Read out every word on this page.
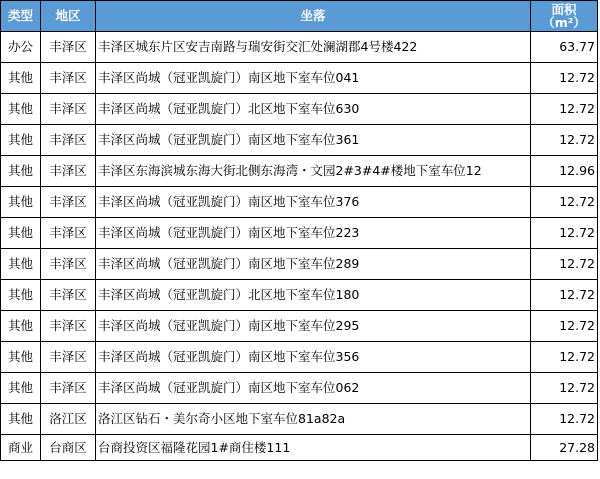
类型	地区	坐落	面积
（m²）

办公	丰泽区	丰泽区城东片区安吉南路与瑞安街交汇处澜湖郡4号楼422	63.77
其他	丰泽区	丰泽区尚城（冠亚凯旋门）南区地下室车位041	12.72
其他	丰泽区	丰泽区尚城（冠亚凯旋门）北区地下室车位630	12.72
其他	丰泽区	丰泽区尚城（冠亚凯旋门）南区地下室车位361	12.72
其他	丰泽区	丰泽区东海滨城东海大街北侧东海湾・文园2#3#4#楼地下室车位12	12.96
其他	丰泽区	丰泽区尚城（冠亚凯旋门）南区地下室车位376	12.72
其他	丰泽区	丰泽区尚城（冠亚凯旋门）南区地下室车位223	12.72
其他	丰泽区	丰泽区尚城（冠亚凯旋门）南区地下室车位289	12.72
其他	丰泽区	丰泽区尚城（冠亚凯旋门）北区地下室车位180	12.72
其他	丰泽区	丰泽区尚城（冠亚凯旋门）南区地下室车位295	12.72
其他	丰泽区	丰泽区尚城（冠亚凯旋门）南区地下室车位356	12.72
其他	丰泽区	丰泽区尚城（冠亚凯旋门）南区地下室车位062	12.72
其他	洛江区	洛江区钻石・美尔奇小区地下室车位81a82a	12.72
商业	台商区	台商投资区福隆花园1#商住楼111	27.28
